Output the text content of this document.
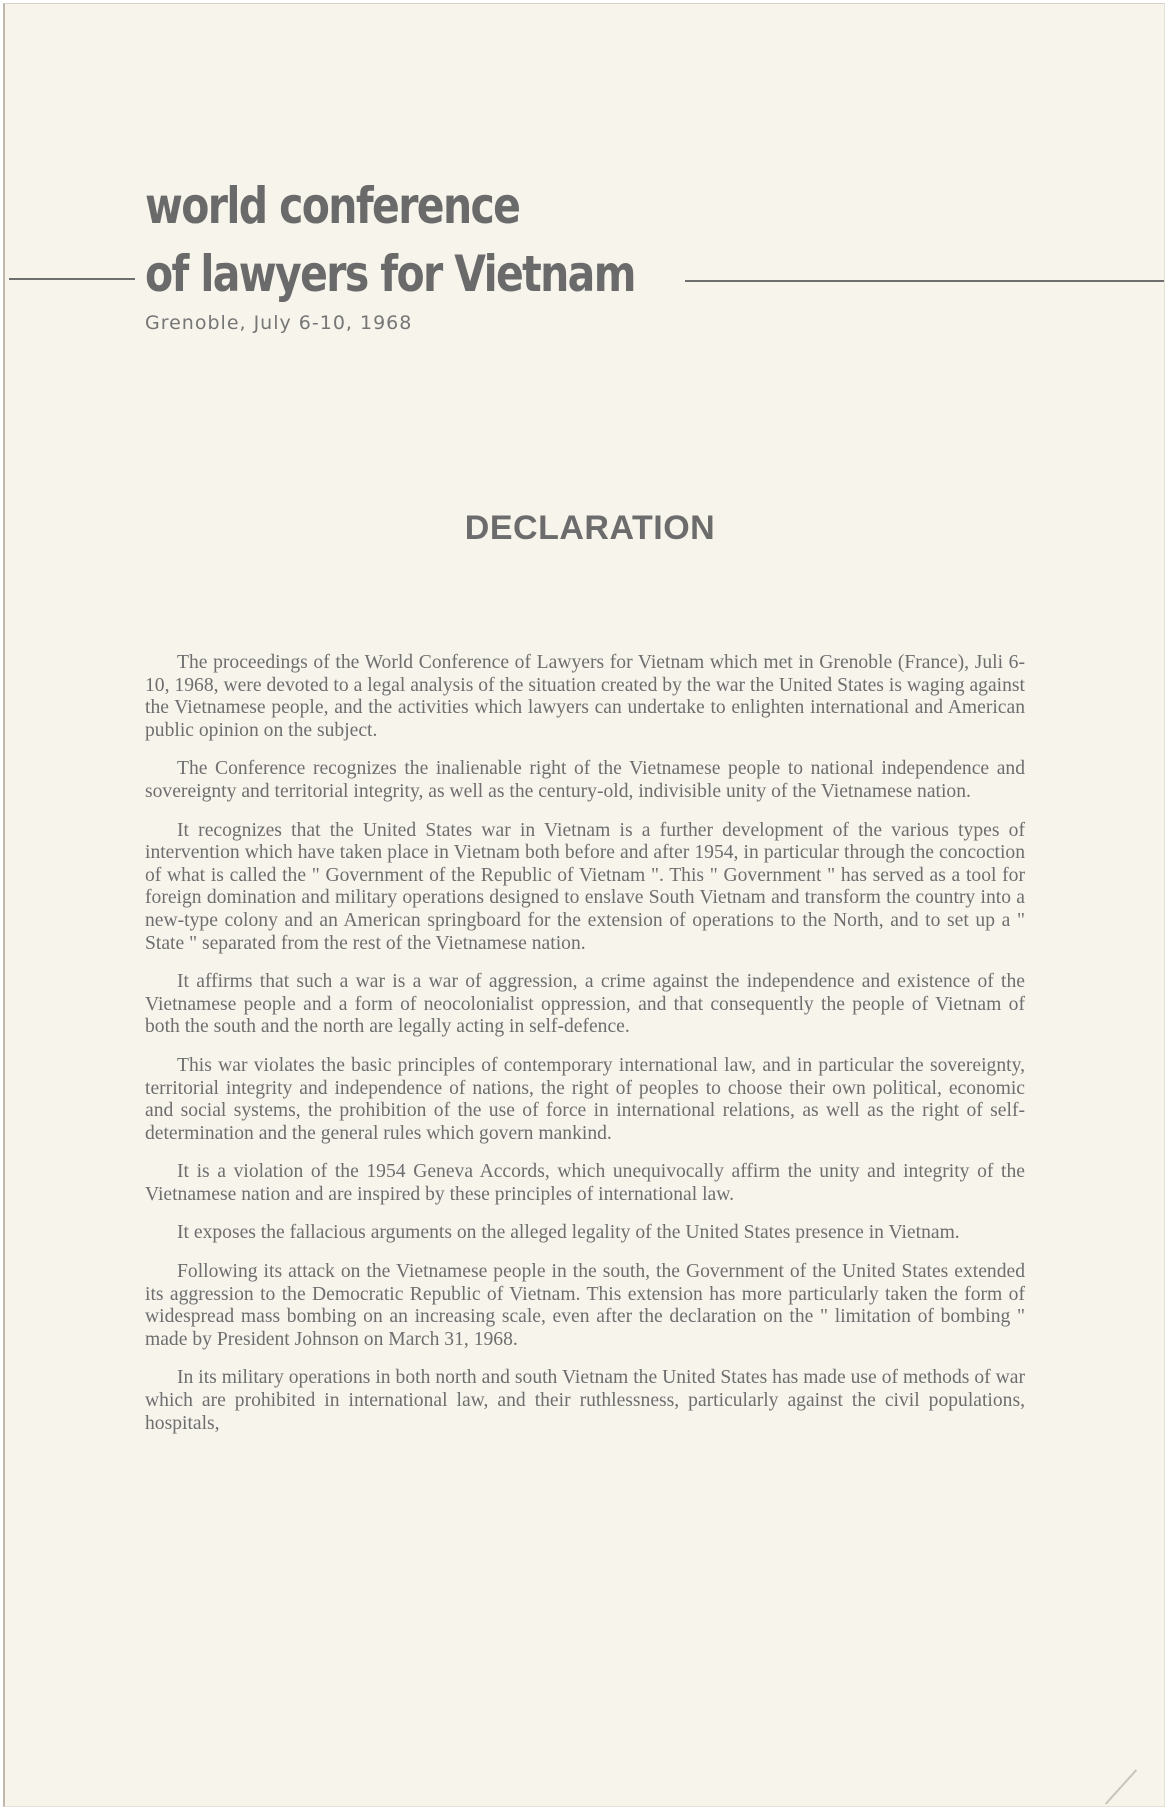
world conference
of lawyers for Vietnam
Grenoble, July 6-10, 1968
DECLARATION

The proceedings of the World Conference of Lawyers for Vietnam which met in Grenoble (France), Juli 6-10, 1968, were devoted to a legal analysis of the situation created by the war the United States is waging against the Vietnamese people, and the activities which lawyers can undertake to enlighten international and American public opinion on the subject.

The Conference recognizes the inalienable right of the Vietnamese people to national independence and sovereignty and territorial integrity, as well as the century-old, indivisible unity of the Vietnamese nation.

It recognizes that the United States war in Vietnam is a further development of the various types of intervention which have taken place in Vietnam both before and after 1954, in particular through the concoction of what is called the " Government of the Republic of Vietnam ". This " Government " has served as a tool for foreign domination and military operations designed to enslave South Vietnam and transform the country into a new-type colony and an American springboard for the extension of operations to the North, and to set up a " State " separated from the rest of the Vietnamese nation.

It affirms that such a war is a war of aggression, a crime against the independence and existence of the Vietnamese people and a form of neocolonialist oppression, and that consequently the people of Vietnam of both the south and the north are legally acting in self-defence.

This war violates the basic principles of contemporary international law, and in particular the sovereignty, territorial integrity and independence of nations, the right of peoples to choose their own political, economic and social systems, the prohibition of the use of force in international relations, as well as the right of self-determination and the general rules which govern mankind.

It is a violation of the 1954 Geneva Accords, which unequivocally affirm the unity and integrity of the Vietnamese nation and are inspired by these principles of international law.

It exposes the fallacious arguments on the alleged legality of the United States presence in Vietnam.

Following its attack on the Vietnamese people in the south, the Government of the United States extended its aggression to the Democratic Republic of Vietnam. This extension has more particularly taken the form of widespread mass bombing on an increasing scale, even after the declaration on the " limitation of bombing " made by President Johnson on March 31, 1968.

In its military operations in both north and south Vietnam the United States has made use of methods of war which are prohibited in international law, and their ruthlessness, particularly against the civil populations, hospitals,
